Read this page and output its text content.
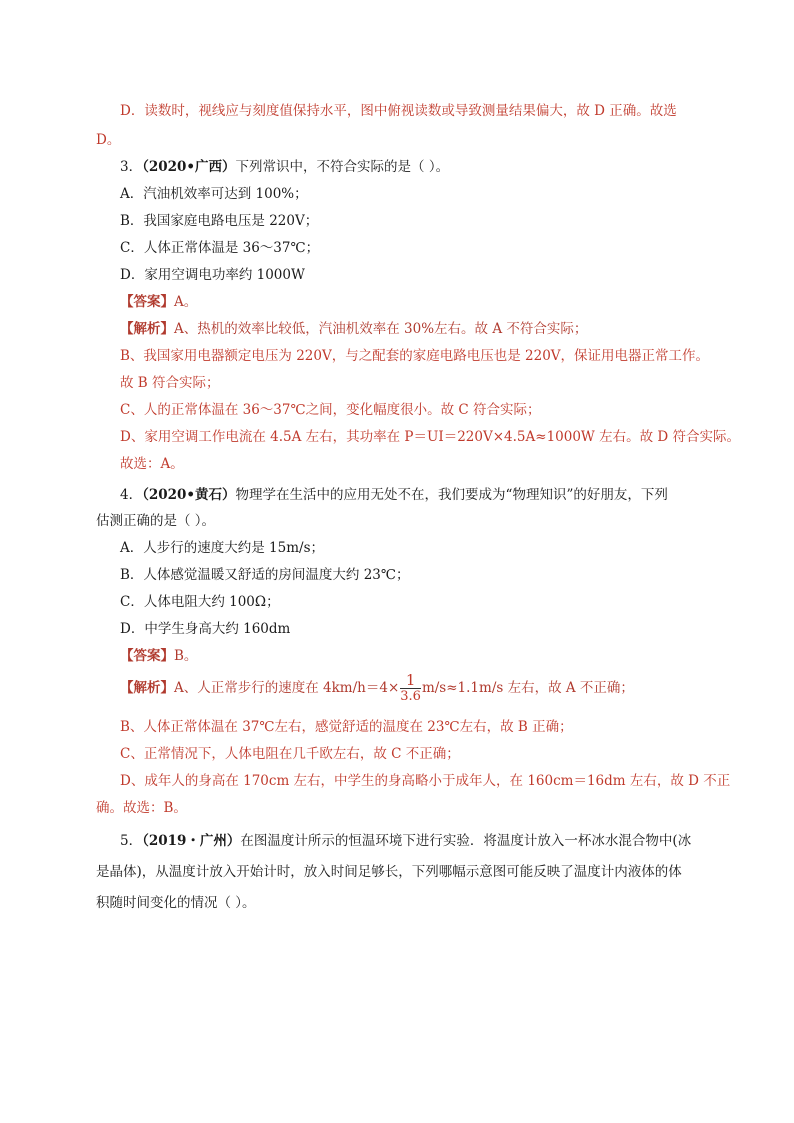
D．读数时，视线应与刻度值保持水平，图中俯视读数或导致测量结果偏大，故 D 正确。故选
D。
3．（2020•广西）下列常识中，不符合实际的是（ ）。
A．汽油机效率可达到 100%；
B．我国家庭电路电压是 220V；
C．人体正常体温是 36～37℃；
D．家用空调电功率约 1000W
【答案】A。
【解析】A、热机的效率比较低，汽油机效率在 30%左右。故 A 不符合实际；
B、我国家用电器额定电压为 220V，与之配套的家庭电路电压也是 220V，保证用电器正常工作。
故 B 符合实际；
C、人的正常体温在 36～37℃之间，变化幅度很小。故 C 符合实际；
D、家用空调工作电流在 4.5A 左右，其功率在 P＝UI＝220V×4.5A≈1000W 左右。故 D 符合实际。
故选：A。
4．（2020•黄石）物理学在生活中的应用无处不在，我们要成为“物理知识”的好朋友，下列
估测正确的是（ ）。
A．人步行的速度大约是 15m/s；
B．人体感觉温暖又舒适的房间温度大约 23℃；
C．人体电阻大约 100Ω；
D．中学生身高大约 160dm
【答案】B。
【解析】A、人正常步行的速度在 $4km/h=4\times \frac{1}{3.6} m/s\approx 1.1m/s$ 左右，故 A 不正确；
B、人体正常体温在 37℃左右，感觉舒适的温度在 23℃左右，故 B 正确；
C、正常情况下，人体电阻在几千欧左右，故 C 不正确；
D、成年人的身高在 170cm 左右，中学生的身高略小于成年人，在 160cm＝16dm 左右，故 D 不正
确。故选：B。
5．（2019・广州）在图温度计所示的恒温环境下进行实验．将温度计放入一杯冰水混合物中(冰
是晶体)，从温度计放入开始计时，放入时间足够长，下列哪幅示意图可能反映了温度计内液体的体
积随时间变化的情况（ ）。
